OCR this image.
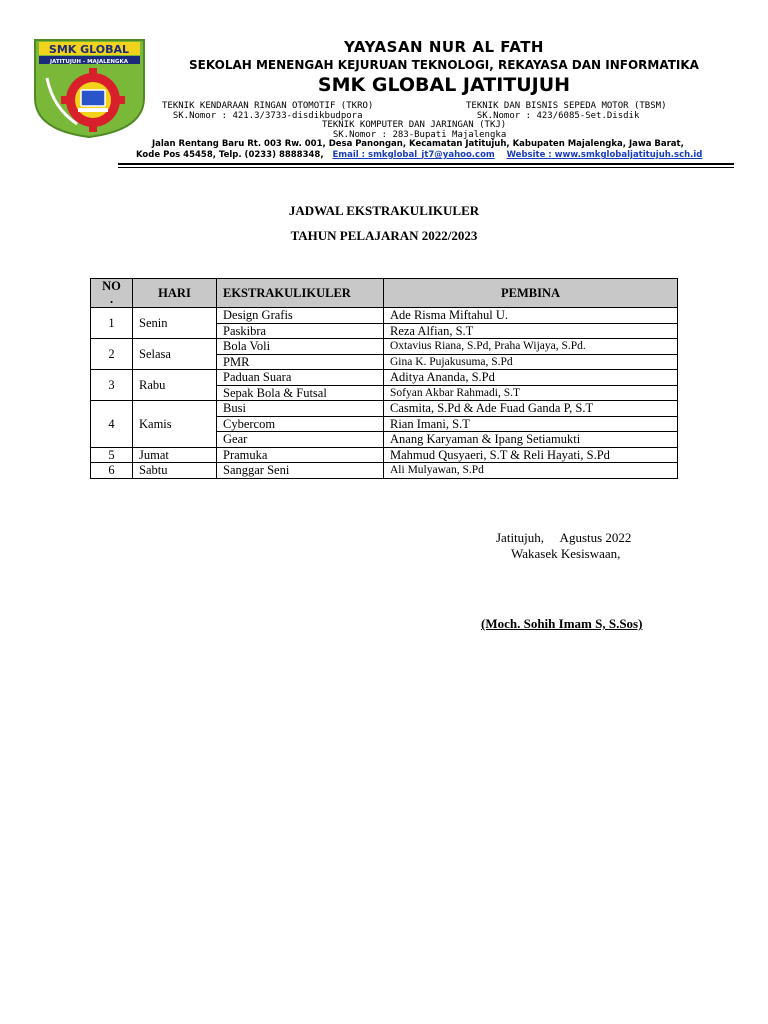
SMK GLOBAL
JATITUJUH - MAJALENGKA
YAYASAN NUR AL FATH
SEKOLAH MENENGAH KEJURUAN TEKNOLOGI, REKAYASA DAN INFORMATIKA
SMK GLOBAL JATITUJUH
TEKNIK KENDARAAN RINGAN OTOMOTIF (TKRO)
SK.Nomor : 421.3/3733-disdikbudpora
TEKNIK DAN BISNIS SEPEDA MOTOR (TBSM)
SK.Nomor : 423/6085-Set.Disdik
TEKNIK KOMPUTER DAN JARINGAN (TKJ)
SK.Nomor : 283-Bupati Majalengka
Jalan Rentang Baru Rt. 003 Rw. 001, Desa Panongan, Kecamatan Jatitujuh, Kabupaten Majalengka, Jawa Barat,
Kode Pos 45458, Telp. (0233) 8888348, Email : smkglobal_jt7@yahoo.com Website : www.smkglobaljatitujuh.sch.id
JADWAL EKSTRAKULIKULER
TAHUN PELAJARAN 2022/2023
NO
.	HARI	EKSTRAKULIKULER	PEMBINA
1	Senin	Design Grafis	Ade Risma Miftahul U.
		Paskibra	Reza Alfian, S.T
2	Selasa	Bola Voli	Oxtavius Riana, S.Pd, Praha Wijaya, S.Pd.
		PMR	Gina K. Pujakusuma, S.Pd
3	Rabu	Paduan Suara	Aditya Ananda, S.Pd
		Sepak Bola & Futsal	Sofyan Akbar Rahmadi, S.T
4	Kamis	Busi	Casmita, S.Pd & Ade Fuad Ganda P, S.T
		Cybercom	Rian Imani, S.T
		Gear	Anang Karyaman & Ipang Setiamukti
5	Jumat	Pramuka	Mahmud Qusyaeri, S.T & Reli Hayati, S.Pd
6	Sabtu	Sanggar Seni	Ali Mulyawan, S.Pd
Jatitujuh,     Agustus 2022
Wakasek Kesiswaan,
(Moch. Sohih Imam S, S.Sos)
